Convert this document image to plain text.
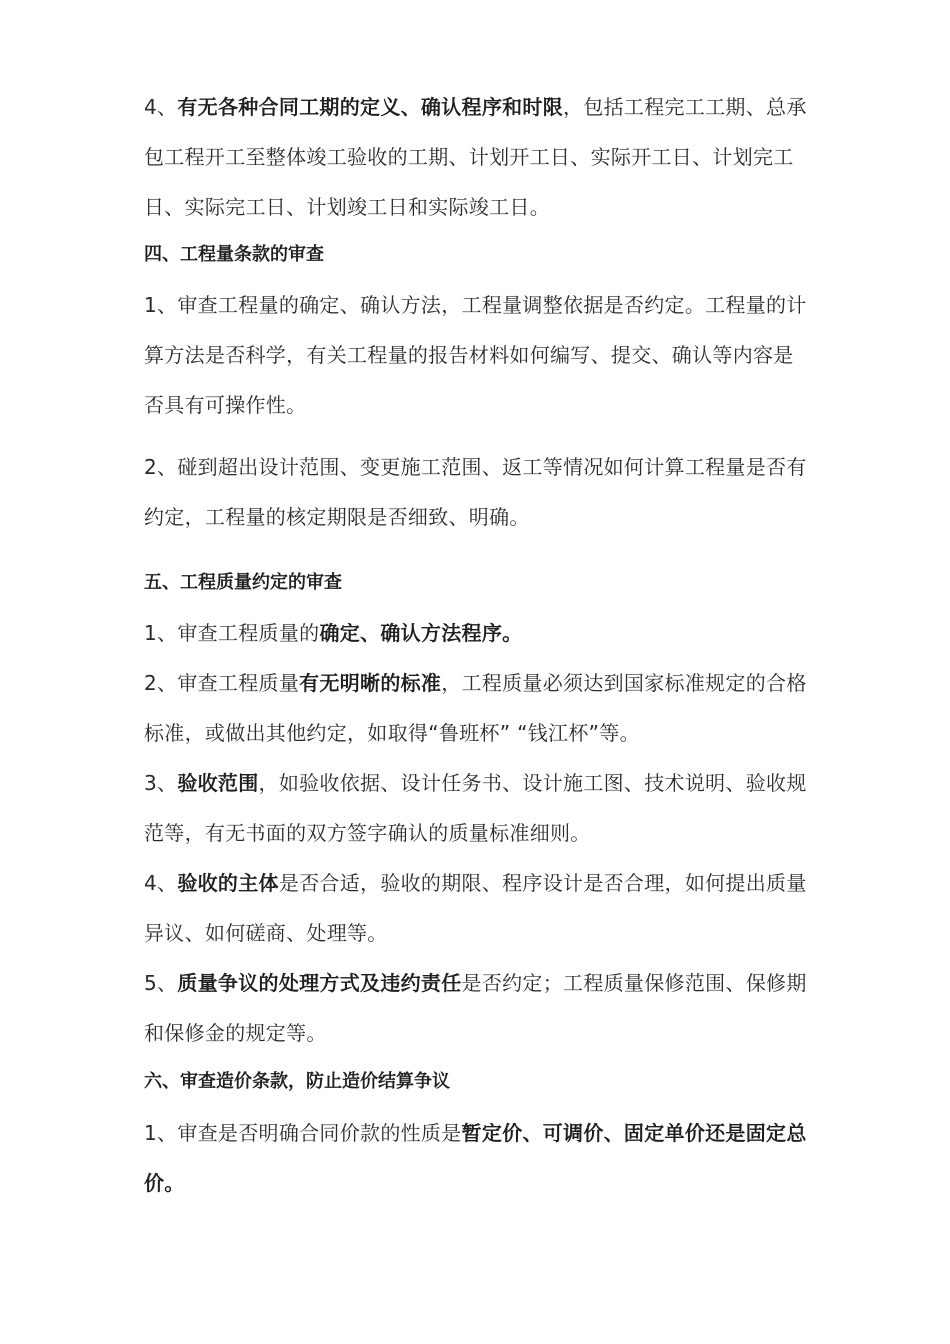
4、有无各种合同工期的定义、确认程序和时限，包括工程完工工期、总承包工程开工至整体竣工验收的工期、计划开工日、实际开工日、计划完工日、实际完工日、计划竣工日和实际竣工日。
四、工程量条款的审查
1、审查工程量的确定、确认方法，工程量调整依据是否约定。工程量的计算方法是否科学，有关工程量的报告材料如何编写、提交、确认等内容是否具有可操作性。
2、碰到超出设计范围、变更施工范围、返工等情况如何计算工程量是否有约定，工程量的核定期限是否细致、明确。
五、工程质量约定的审查
1、审查工程质量的确定、确认方法程序。
2、审查工程质量有无明晰的标准，工程质量必须达到国家标准规定的合格标准，或做出其他约定，如取得“鲁班杯” “钱江杯”等。
3、验收范围，如验收依据、设计任务书、设计施工图、技术说明、验收规范等，有无书面的双方签字确认的质量标准细则。
4、验收的主体是否合适，验收的期限、程序设计是否合理，如何提出质量异议、如何磋商、处理等。
5、质量争议的处理方式及违约责任是否约定；工程质量保修范围、保修期和保修金的规定等。
六、审查造价条款，防止造价结算争议
1、审查是否明确合同价款的性质是暂定价、可调价、固定单价还是固定总价。
